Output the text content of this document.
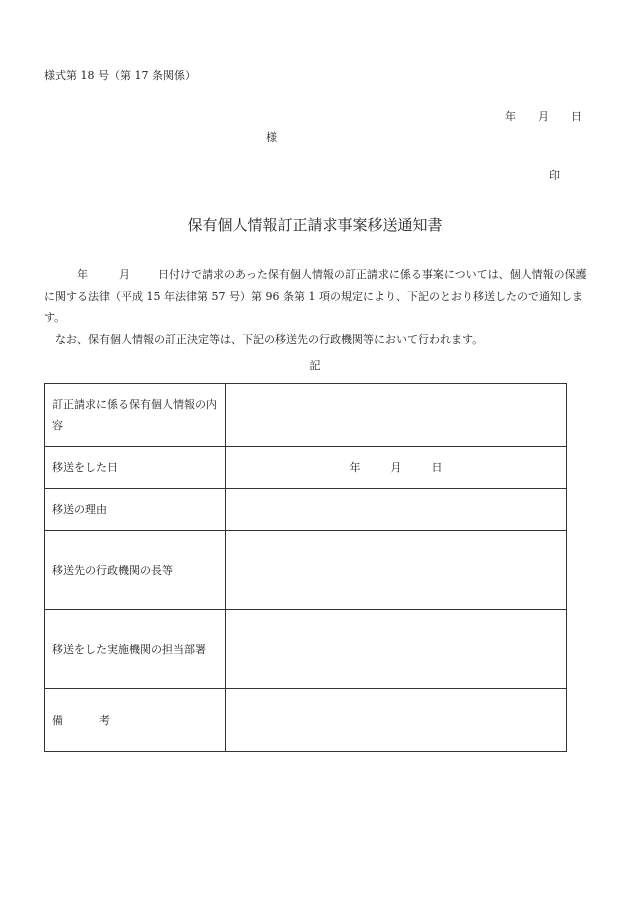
様式第 18 号（第 17 条関係）
年 月 日
様
印
保有個人情報訂正請求事案移送通知書

年	月	日付けで請求のあった保有個人情報の訂正請求に係る事案については、個人情報の保護に関する法律（平成 15 年法律第 57 号）第 96 条第 1 項の規定により、下記のとおり移送したので通知します。

なお、保有個人情報の訂正決定等は、下記の移送先の行政機関等において行われます。

記
訂正請求に係る保有個人情報の内容	
移送をした日	年 月 日
移送の理由	
移送先の行政機関の長等	
移送をした実施機関の担当部署	
備 考	
